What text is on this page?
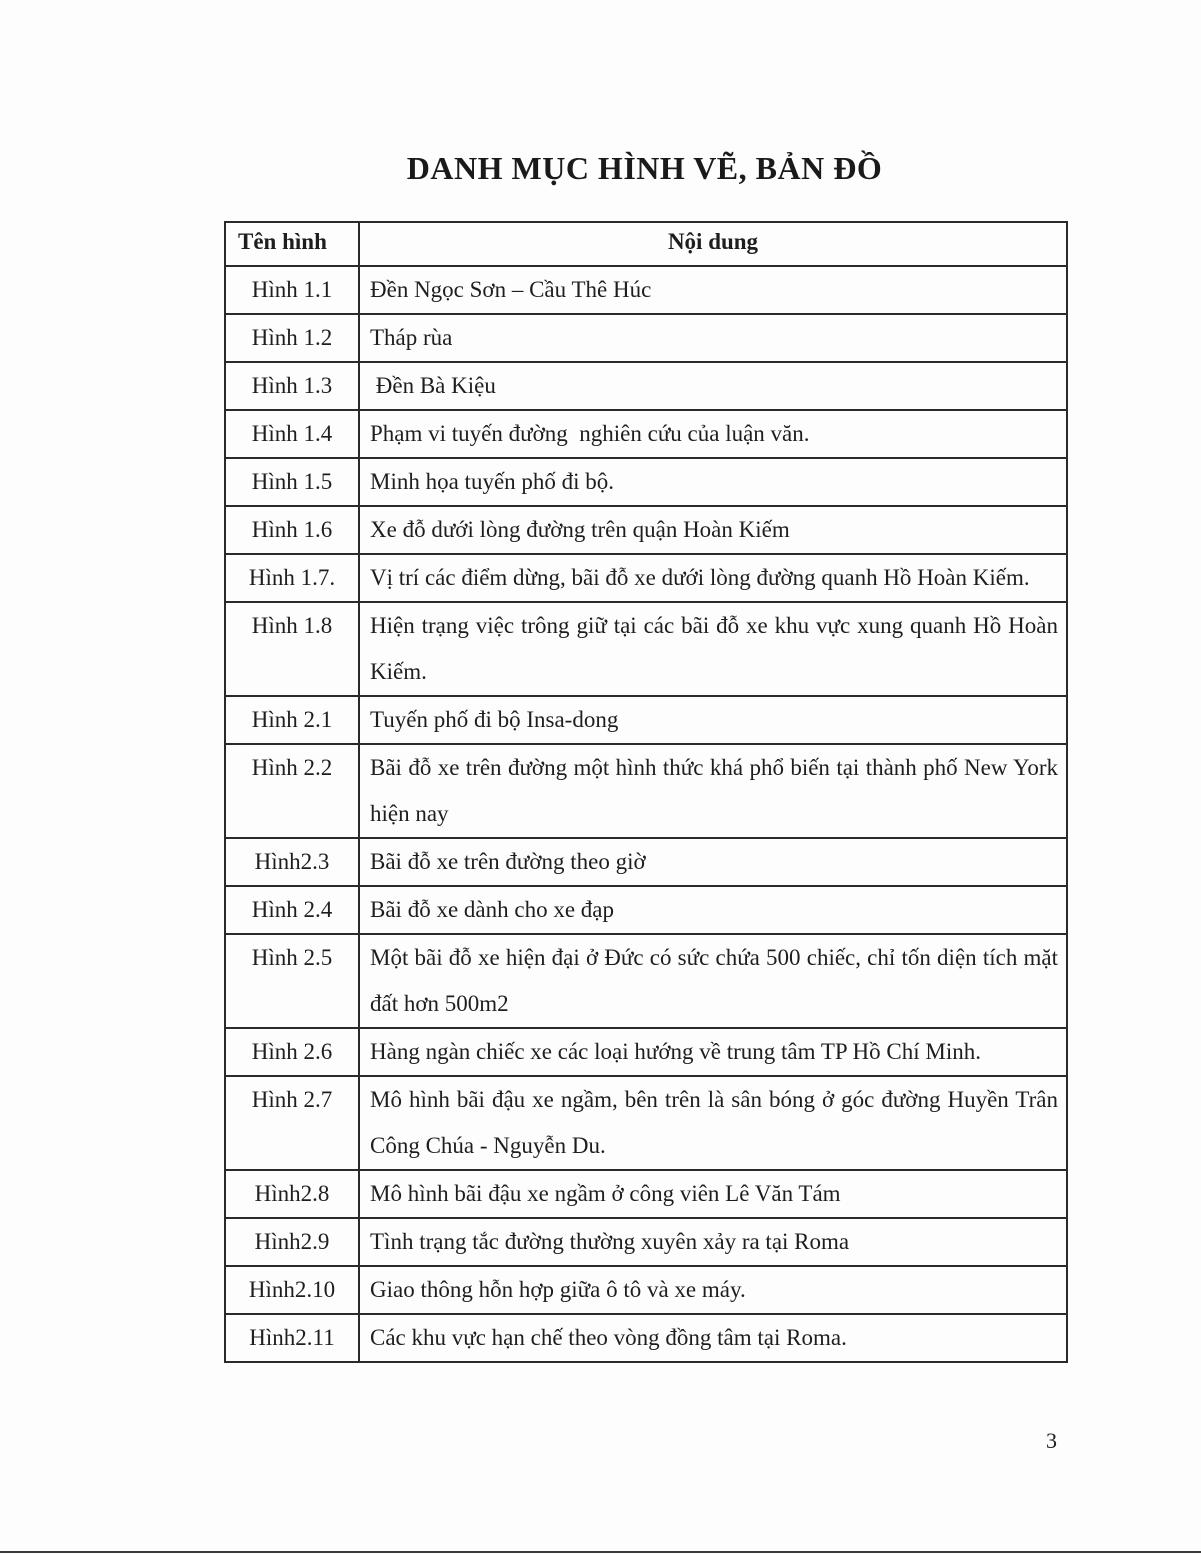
DANH MỤC HÌNH VẼ, BẢN ĐỒ
Tên hình	Nội dung
Hình 1.1	Đền Ngọc Sơn – Cầu Thê Húc
Hình 1.2	Tháp rùa
Hình 1.3	Đền Bà Kiệu
Hình 1.4	Phạm vi tuyến đường  nghiên cứu của luận văn.
Hình 1.5	Minh họa tuyến phố đi bộ.
Hình 1.6	Xe đỗ dưới lòng đường trên quận Hoàn Kiếm
Hình 1.7.	Vị trí các điểm dừng, bãi đỗ xe dưới lòng đường quanh Hồ Hoàn Kiếm.
Hình 1.8	Hiện trạng việc trông giữ tại các bãi đỗ xe khu vực xung quanh Hồ Hoàn Kiếm.
Hình 2.1	Tuyến phố đi bộ Insa-dong
Hình 2.2	Bãi đỗ xe trên đường một hình thức khá phổ biến tại thành phố New York hiện nay
Hình2.3	Bãi đỗ xe trên đường theo giờ
Hình 2.4	Bãi đỗ xe dành cho xe đạp
Hình 2.5	Một bãi đỗ xe hiện đại ở Đức có sức chứa 500 chiếc, chỉ tốn diện tích mặt đất hơn 500m2
Hình 2.6	Hàng ngàn chiếc xe các loại hướng về trung tâm TP Hồ Chí Minh.
Hình 2.7	Mô hình bãi đậu xe ngầm, bên trên là sân bóng ở góc đường Huyền Trân Công Chúa - Nguyễn Du.
Hình2.8	Mô hình bãi đậu xe ngầm ở công viên Lê Văn Tám
Hình2.9	Tình trạng tắc đường thường xuyên xảy ra tại Roma
Hình2.10	Giao thông hỗn hợp giữa ô tô và xe máy.
Hình2.11	Các khu vực hạn chế theo vòng đồng tâm tại Roma.
3
